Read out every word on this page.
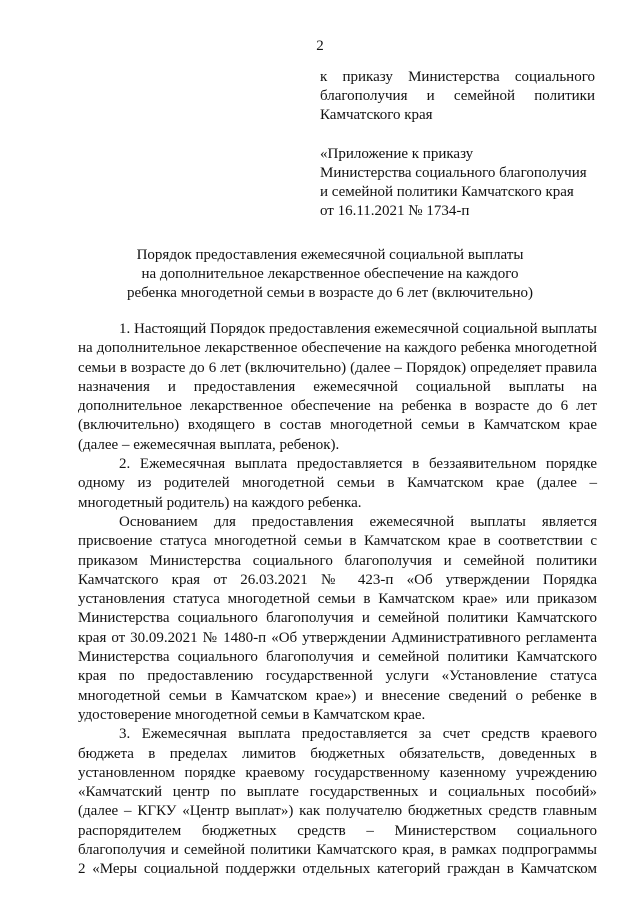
2
к приказу Министерства социального
благополучия и семейной политики
Камчатского края
«Приложение к приказу
Министерства социального благополучия
и семейной политики Камчатского края
от 16.11.2021 № 1734-п
Порядок предоставления ежемесячной социальной выплаты
на дополнительное лекарственное обеспечение на каждого
ребенка многодетной семьи в возрасте до 6 лет (включительно)
1. Настоящий Порядок предоставления ежемесячной социальной выплаты
на дополнительное лекарственное обеспечение на каждого ребенка многодетной
семьи в возрасте до 6 лет (включительно) (далее – Порядок) определяет правила
назначения и предоставления ежемесячной социальной выплаты на
дополнительное лекарственное обеспечение на ребенка в возрасте до 6 лет
(включительно) входящего в состав многодетной семьи в Камчатском крае
(далее – ежемесячная выплата, ребенок).
2. Ежемесячная выплата предоставляется в беззаявительном порядке
одному из родителей многодетной семьи в Камчатском крае (далее –
многодетный родитель) на каждого ребенка.
Основанием для предоставления ежемесячной выплаты является
присвоение статуса многодетной семьи в Камчатском крае в соответствии с
приказом Министерства социального благополучия и семейной политики
Камчатского края от 26.03.2021 № 423-п «Об утверждении Порядка
установления статуса многодетной семьи в Камчатском крае» или приказом
Министерства социального благополучия и семейной политики Камчатского
края от 30.09.2021 № 1480-п «Об утверждении Административного регламента
Министерства социального благополучия и семейной политики Камчатского
края по предоставлению государственной услуги «Установление статуса
многодетной семьи в Камчатском крае») и внесение сведений о ребенке в
удостоверение многодетной семьи в Камчатском крае.
3. Ежемесячная выплата предоставляется за счет средств краевого
бюджета в пределах лимитов бюджетных обязательств, доведенных в
установленном порядке краевому государственному казенному учреждению
«Камчатский центр по выплате государственных и социальных пособий»
(далее – КГКУ «Центр выплат») как получателю бюджетных средств главным
распорядителем бюджетных средств – Министерством социального
благополучия и семейной политики Камчатского края, в рамках подпрограммы
2 «Меры социальной поддержки отдельных категорий граждан в Камчатском
